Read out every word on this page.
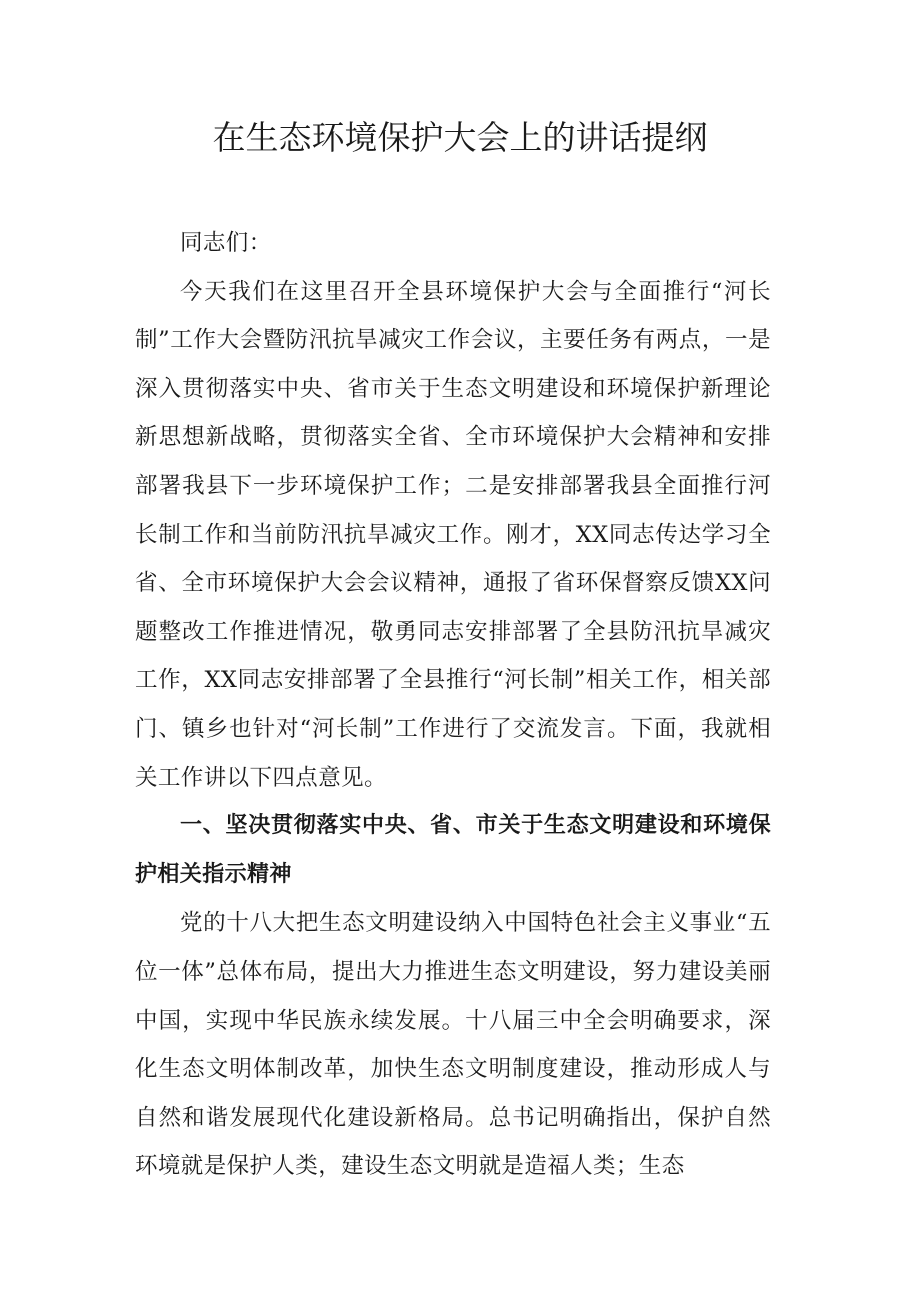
在生态环境保护大会上的讲话提纲

同志们：

今天我们在这里召开全县环境保护大会与全面推行“河长制”工作大会暨防汛抗旱减灾工作会议，主要任务有两点，一是深入贯彻落实中央、省市关于生态文明建设和环境保护新理论新思想新战略，贯彻落实全省、全市环境保护大会精神和安排部署我县下一步环境保护工作；二是安排部署我县全面推行河长制工作和当前防汛抗旱减灾工作。刚才，XX同志传达学习全省、全市环境保护大会会议精神，通报了省环保督察反馈XX问题整改工作推进情况，敬勇同志安排部署了全县防汛抗旱减灾工作，XX同志安排部署了全县推行“河长制”相关工作，相关部门、镇乡也针对“河长制”工作进行了交流发言。下面，我就相关工作讲以下四点意见。

一、坚决贯彻落实中央、省、市关于生态文明建设和环境保护相关指示精神

党的十八大把生态文明建设纳入中国特色社会主义事业“五位一体”总体布局，提出大力推进生态文明建设，努力建设美丽中国，实现中华民族永续发展。十八届三中全会明确要求，深化生态文明体制改革，加快生态文明制度建设，推动形成人与自然和谐发展现代化建设新格局。总书记明确指出，保护自然环境就是保护人类，建设生态文明就是造福人类；生态
